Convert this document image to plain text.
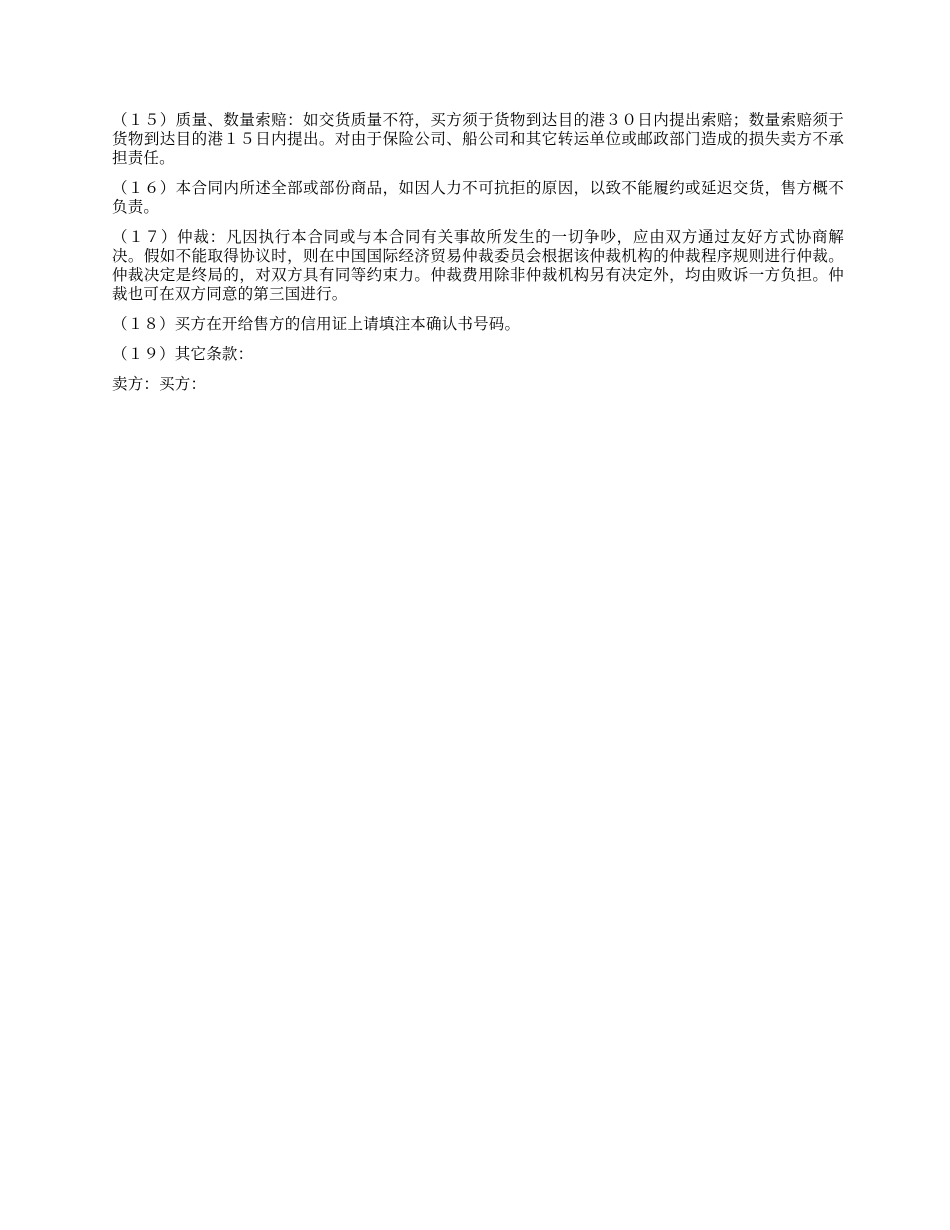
（１５）质量、数量索赔：如交货质量不符，买方须于货物到达目的港３０日内提出索赔；数量索赔须于货物到达目的港１５日内提出。对由于保险公司、船公司和其它转运单位或邮政部门造成的损失卖方不承担责任。

（１６）本合同内所述全部或部份商品，如因人力不可抗拒的原因，以致不能履约或延迟交货，售方概不负责。

（１７）仲裁：凡因执行本合同或与本合同有关事故所发生的一切争吵，应由双方通过友好方式协商解决。假如不能取得协议时，则在中国国际经济贸易仲裁委员会根据该仲裁机构的仲裁程序规则进行仲裁。仲裁决定是终局的，对双方具有同等约束力。仲裁费用除非仲裁机构另有决定外，均由败诉一方负担。仲裁也可在双方同意的第三国进行。

（１８）买方在开给售方的信用证上请填注本确认书号码。

（１９）其它条款：

卖方：买方：
